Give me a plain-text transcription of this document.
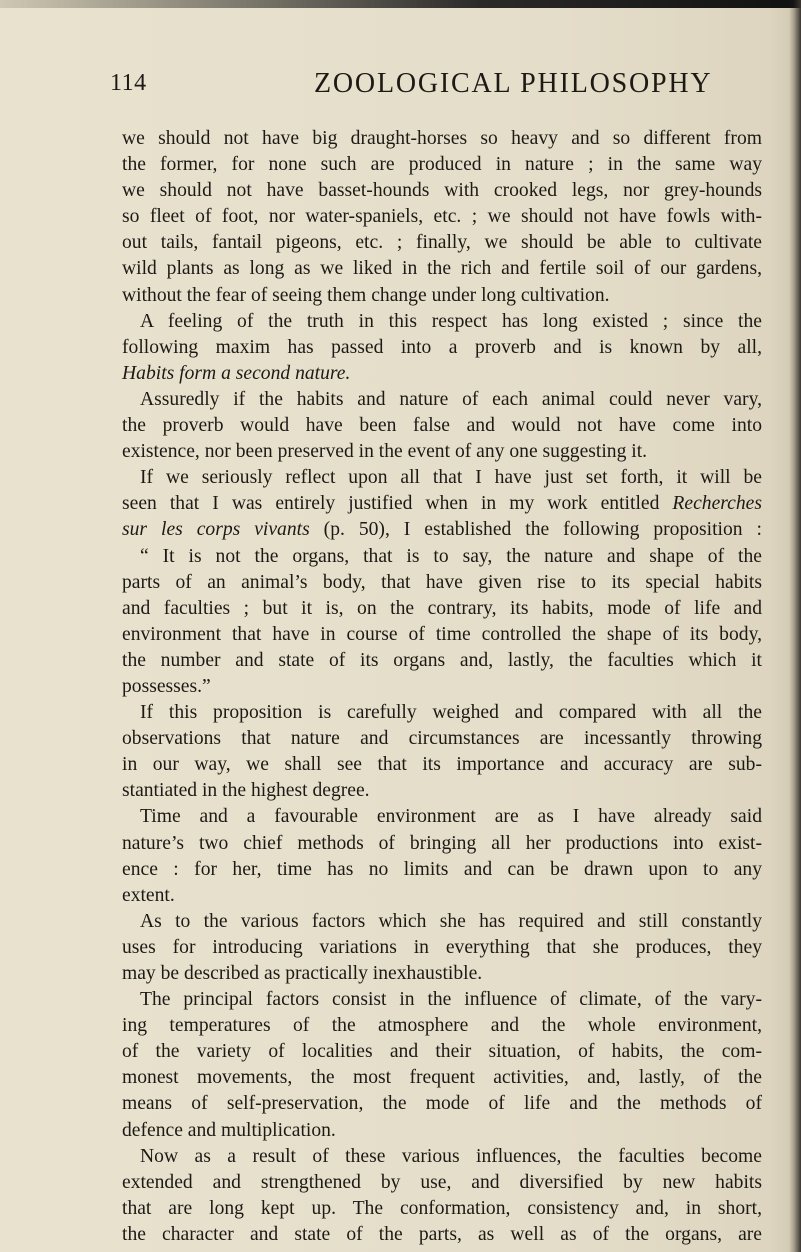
114	ZOOLOGICAL PHILOSOPHY
we should not have big draught-horses so heavy and so different from
the former, for none such are produced in nature ; in the same way
we should not have basset-hounds with crooked legs, nor grey-hounds
so fleet of foot, nor water-spaniels, etc. ; we should not have fowls with-
out tails, fantail pigeons, etc. ; finally, we should be able to cultivate
wild plants as long as we liked in the rich and fertile soil of our gardens,
without the fear of seeing them change under long cultivation.
A feeling of the truth in this respect has long existed ; since the
following maxim has passed into a proverb and is known by all,
Habits form a second nature.
Assuredly if the habits and nature of each animal could never vary,
the proverb would have been false and would not have come into
existence, nor been preserved in the event of any one suggesting it.
If we seriously reflect upon all that I have just set forth, it will be
seen that I was entirely justified when in my work entitled Recherches
sur les corps vivants (p. 50), I established the following proposition :
“ It is not the organs, that is to say, the nature and shape of the
parts of an animal’s body, that have given rise to its special habits
and faculties ; but it is, on the contrary, its habits, mode of life and
environment that have in course of time controlled the shape of its body,
the number and state of its organs and, lastly, the faculties which it
possesses.”
If this proposition is carefully weighed and compared with all the
observations that nature and circumstances are incessantly throwing
in our way, we shall see that its importance and accuracy are sub-
stantiated in the highest degree.
Time and a favourable environment are as I have already said
nature’s two chief methods of bringing all her productions into exist-
ence : for her, time has no limits and can be drawn upon to any
extent.
As to the various factors which she has required and still constantly
uses for introducing variations in everything that she produces, they
may be described as practically inexhaustible.
The principal factors consist in the influence of climate, of the vary-
ing temperatures of the atmosphere and the whole environment,
of the variety of localities and their situation, of habits, the com-
monest movements, the most frequent activities, and, lastly, of the
means of self-preservation, the mode of life and the methods of
defence and multiplication.
Now as a result of these various influences, the faculties become
extended and strengthened by use, and diversified by new habits
that are long kept up. The conformation, consistency and, in short,
the character and state of the parts, as well as of the organs, are
